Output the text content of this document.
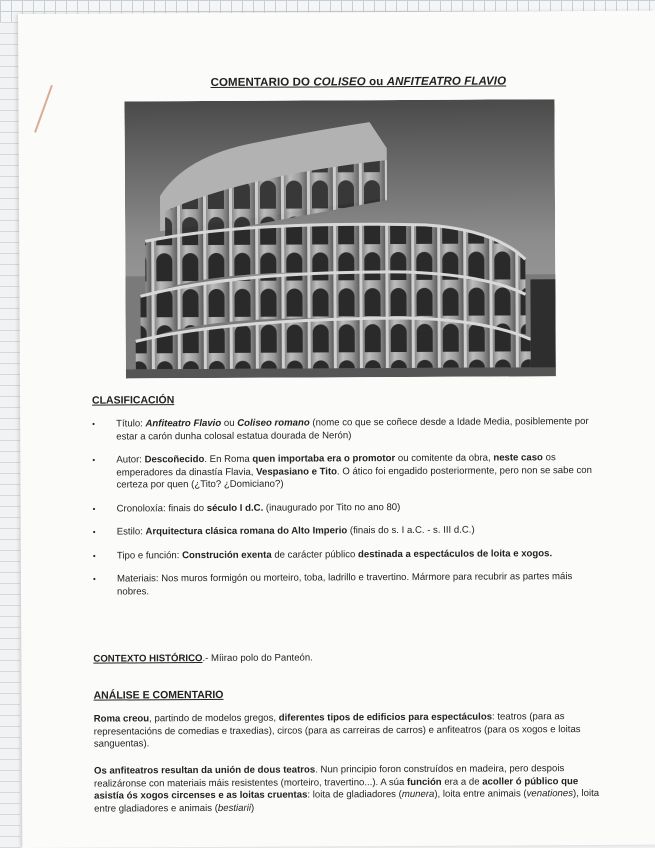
COMENTARIO DO COLISEO ou ANFITEATRO FLAVIO
CLASIFICACIÓN
• Título: Anfiteatro Flavio ou Coliseo romano (nome co que se coñece desde a Idade Media, posiblemente por estar a carón dunha colosal estatua dourada de Nerón)
• Autor: Descoñecido. En Roma quen importaba era o promotor ou comitente da obra, neste caso os emperadores da dinastía Flavia, Vespasiano e Tito. O ático foi engadido posteriormente, pero non se sabe con certeza por quen (¿Tito? ¿Domiciano?)
• Cronoloxía: finais do século I d.C. (inaugurado por Tito no ano 80)
• Estilo: Arquitectura clásica romana do Alto Imperio (finais do s. I a.C. - s. III d.C.)
• Tipo e función: Construción exenta de carácter público destinada a espectáculos de loita e xogos.
• Materiais: Nos muros formigón ou morteiro, toba, ladrillo e travertino. Mármore para recubrir as partes máis nobres.

CONTEXTO HISTÓRICO.- Míirao polo do Panteón.

ANÁLISE E COMENTARIO

Roma creou, partindo de modelos gregos, diferentes tipos de edificios para espectáculos: teatros (para as representacións de comedias e traxedias), circos (para as carreiras de carros) e anfiteatros (para os xogos e loitas sanguentas).

Os anfiteatros resultan da unión de dous teatros. Nun principio foron construídos en madeira, pero despois realizáronse con materiais máis resistentes (morteiro, travertino...). A súa función era a de acoller ó público que asistía ós xogos circenses e as loitas cruentas: loita de gladiadores (munera), loita entre animais (venationes), loita entre gladiadores e animais (bestiarii)
